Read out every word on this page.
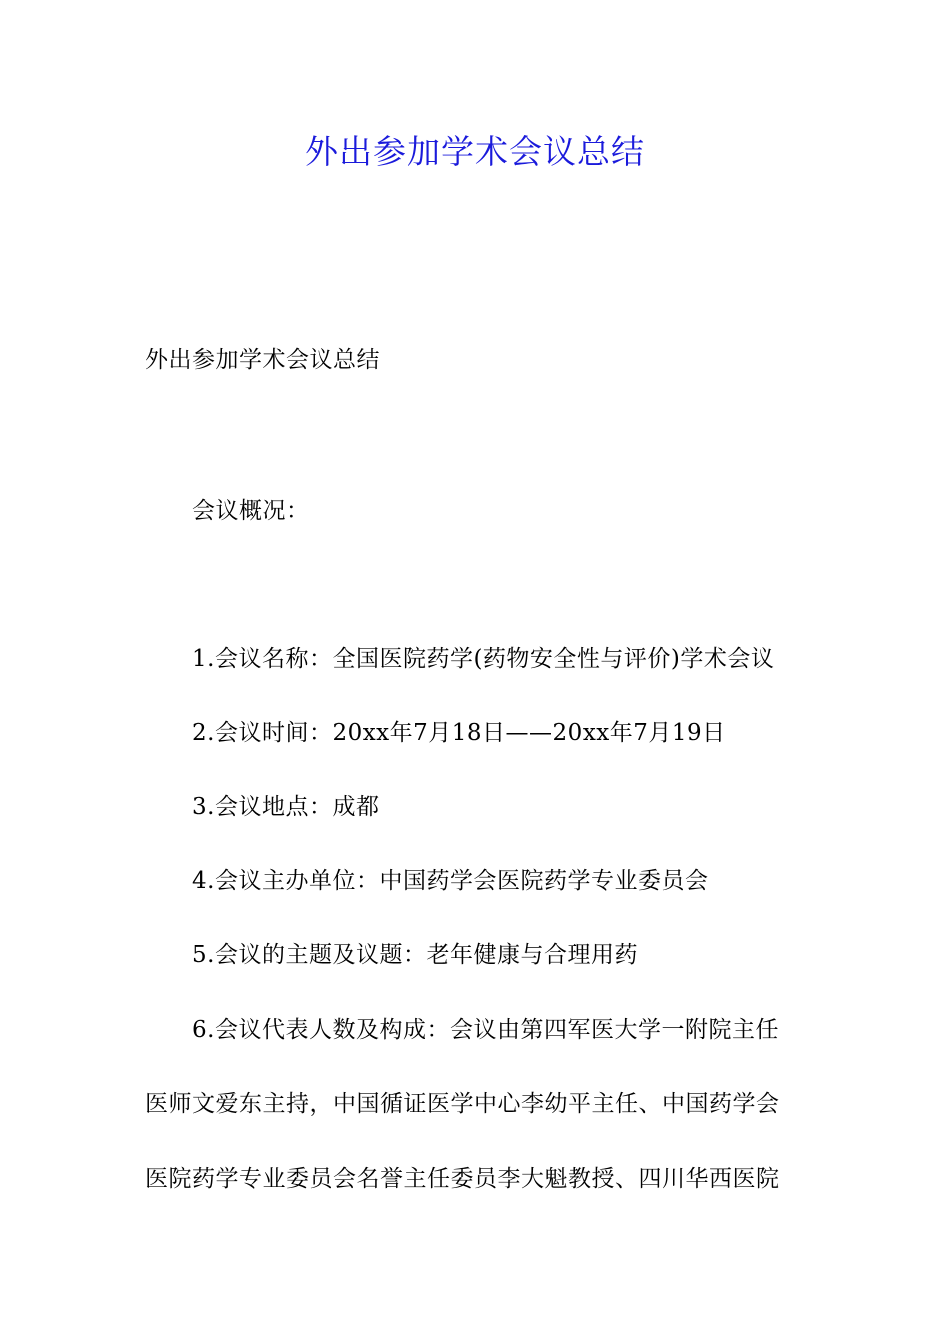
外出参加学术会议总结
外出参加学术会议总结
会议概况：
1.会议名称：全国医院药学(药物安全性与评价)学术会议
2.会议时间：20xx年7月18日——20xx年7月19日
3.会议地点：成都
4.会议主办单位：中国药学会医院药学专业委员会
5.会议的主题及议题：老年健康与合理用药
6.会议代表人数及构成：会议由第四军医大学一附院主任
医师文爱东主持，中国循证医学中心李幼平主任、中国药学会
医院药学专业委员会名誉主任委员李大魁教授、四川华西医院
